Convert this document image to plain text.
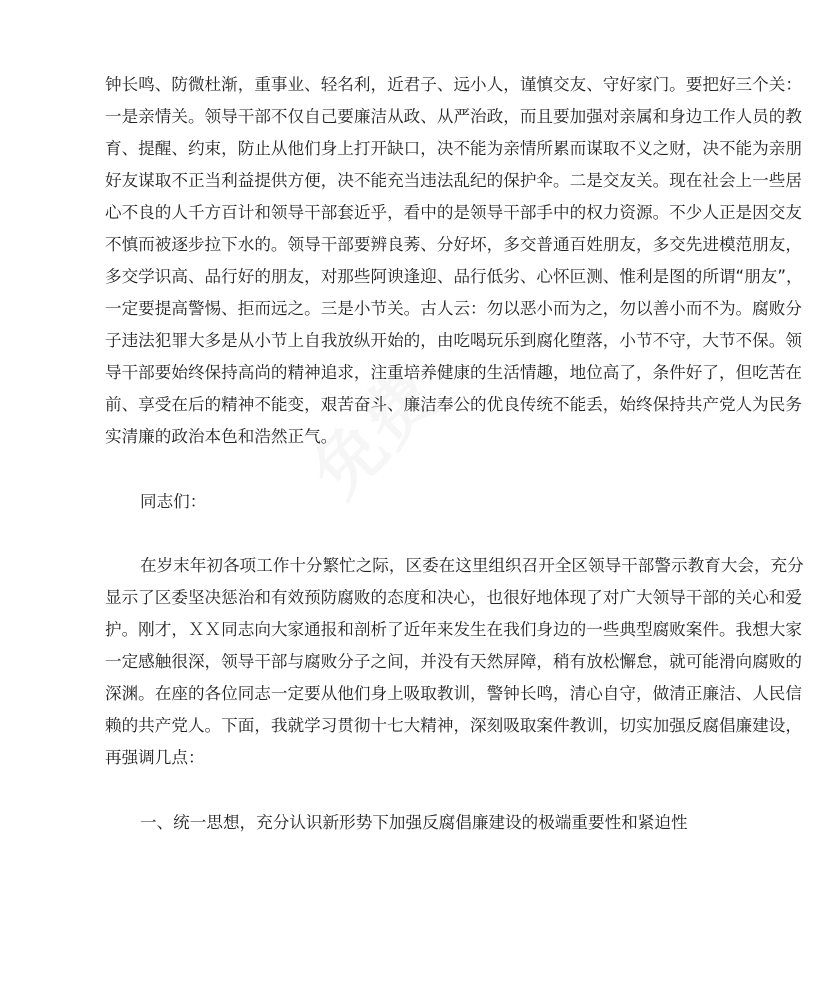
钟长鸣、防微杜渐，重事业、轻名利，近君子、远小人，谨慎交友、守好家门。要把好三个关：
一是亲情关。领导干部不仅自己要廉洁从政、从严治政，而且要加强对亲属和身边工作人员的教
育、提醒、约束，防止从他们身上打开缺口，决不能为亲情所累而谋取不义之财，决不能为亲朋
好友谋取不正当利益提供方便，决不能充当违法乱纪的保护伞。二是交友关。现在社会上一些居
心不良的人千方百计和领导干部套近乎，看中的是领导干部手中的权力资源。不少人正是因交友
不慎而被逐步拉下水的。领导干部要辨良莠、分好坏，多交普通百姓朋友，多交先进模范朋友，
多交学识高、品行好的朋友，对那些阿谀逢迎、品行低劣、心怀叵测、惟利是图的所谓“朋友”，
一定要提高警惕、拒而远之。三是小节关。古人云：勿以恶小而为之，勿以善小而不为。腐败分
子违法犯罪大多是从小节上自我放纵开始的，由吃喝玩乐到腐化堕落，小节不守，大节不保。领
导干部要始终保持高尚的精神追求，注重培养健康的生活情趣，地位高了，条件好了，但吃苦在
前、享受在后的精神不能变，艰苦奋斗、廉洁奉公的优良传统不能丢，始终保持共产党人为民务
实清廉的政治本色和浩然正气。
同志们：
在岁末年初各项工作十分繁忙之际，区委在这里组织召开全区领导干部警示教育大会，充分
显示了区委坚决惩治和有效预防腐败的态度和决心，也很好地体现了对广大领导干部的关心和爱
护。刚才，ＸＸ同志向大家通报和剖析了近年来发生在我们身边的一些典型腐败案件。我想大家
一定感触很深，领导干部与腐败分子之间，并没有天然屏障，稍有放松懈怠，就可能滑向腐败的
深渊。在座的各位同志一定要从他们身上吸取教训，警钟长鸣，清心自守，做清正廉洁、人民信
赖的共产党人。下面，我就学习贯彻十七大精神，深刻吸取案件教训，切实加强反腐倡廉建设，
再强调几点：
一、统一思想，充分认识新形势下加强反腐倡廉建设的极端重要性和紧迫性
